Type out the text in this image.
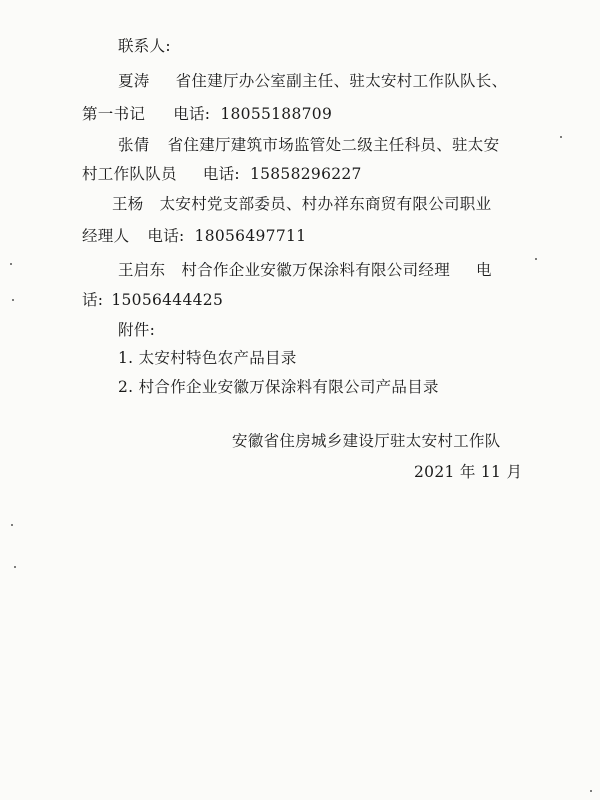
联系人:
夏涛 省住建厅办公室副主任、驻太安村工作队队长、
第一书记 电话: 18055188709
张倩 省住建厅建筑市场监管处二级主任科员、驻太安
村工作队队员 电话: 15858296227
王杨 太安村党支部委员、村办祥东商贸有限公司职业
经理人 电话: 18056497711
王启东 村合作企业安徽万保涂料有限公司经理 电
话: 15056444425
附件:
1. 太安村特色农产品目录
2. 村合作企业安徽万保涂料有限公司产品目录
安徽省住房城乡建设厅驻太安村工作队
2021 年 11 月
